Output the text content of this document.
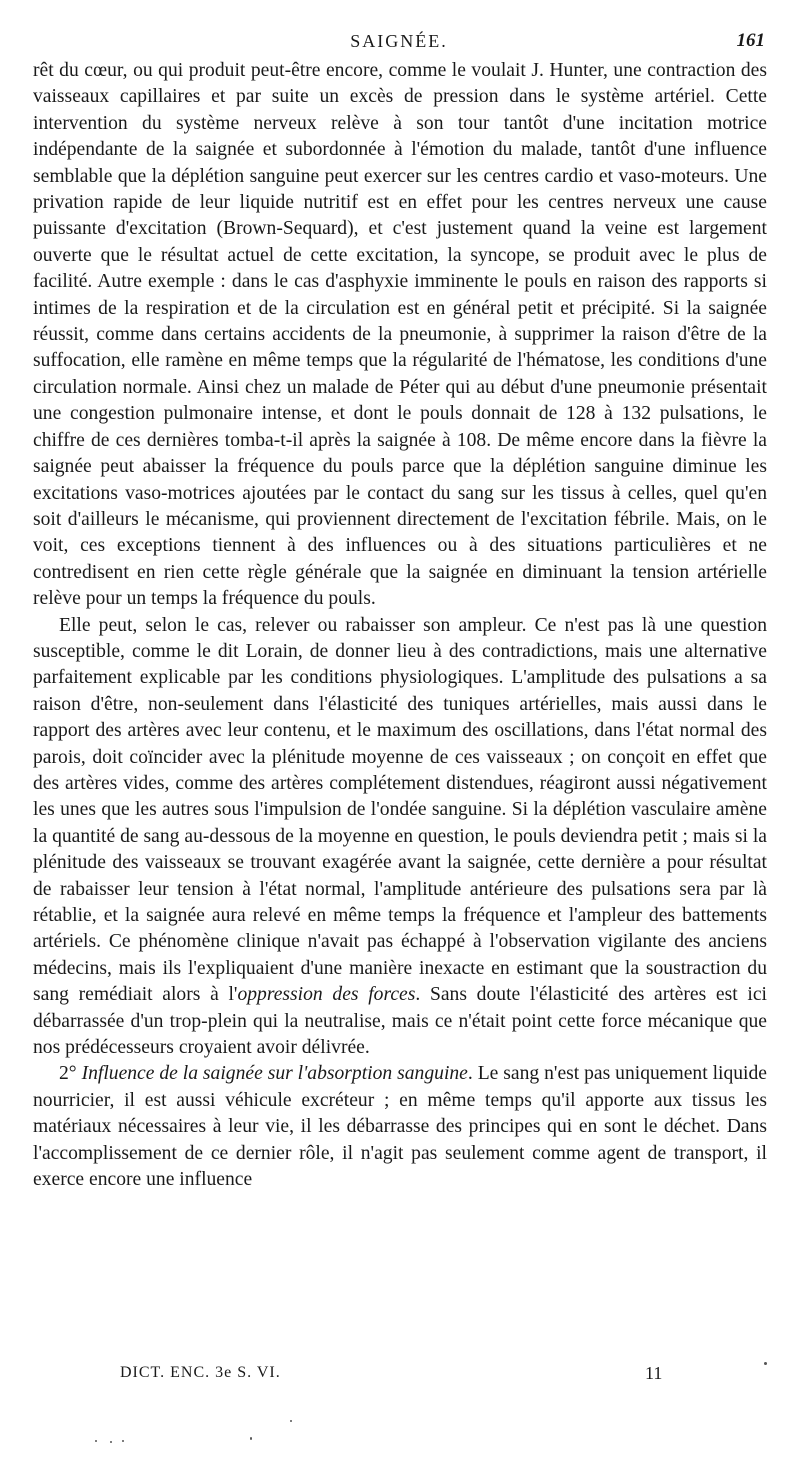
SAIGNÉE.	161

rêt du cœur, ou qui produit peut-être encore, comme le voulait J. Hunter, une contraction des vaisseaux capillaires et par suite un excès de pression dans le système artériel. Cette intervention du système nerveux relève à son tour tantôt d'une incitation motrice indépendante de la saignée et subordonnée à l'émotion du malade, tantôt d'une influence semblable que la déplétion sanguine peut exercer sur les centres cardio et vaso-moteurs. Une privation rapide de leur liquide nutritif est en effet pour les centres nerveux une cause puissante d'excitation (Brown-Sequard), et c'est justement quand la veine est largement ouverte que le résultat actuel de cette excitation, la syncope, se produit avec le plus de facilité. Autre exemple : dans le cas d'asphyxie imminente le pouls en raison des rapports si intimes de la respiration et de la circulation est en général petit et précipité. Si la saignée réussit, comme dans certains accidents de la pneumonie, à supprimer la raison d'être de la suffocation, elle ramène en même temps que la régularité de l'hématose, les conditions d'une circulation normale. Ainsi chez un malade de Péter qui au début d'une pneumonie présentait une congestion pulmonaire intense, et dont le pouls donnait de 128 à 132 pulsations, le chiffre de ces dernières tomba-t-il après la saignée à 108. De même encore dans la fièvre la saignée peut abaisser la fréquence du pouls parce que la déplétion sanguine diminue les excitations vaso-motrices ajoutées par le contact du sang sur les tissus à celles, quel qu'en soit d'ailleurs le mécanisme, qui proviennent directement de l'excitation fébrile. Mais, on le voit, ces exceptions tiennent à des influences ou à des situations particulières et ne contredisent en rien cette règle générale que la saignée en diminuant la tension artérielle relève pour un temps la fréquence du pouls.

Elle peut, selon le cas, relever ou rabaisser son ampleur. Ce n'est pas là une question susceptible, comme le dit Lorain, de donner lieu à des contradictions, mais une alternative parfaitement explicable par les conditions physiologiques. L'amplitude des pulsations a sa raison d'être, non-seulement dans l'élasticité des tuniques artérielles, mais aussi dans le rapport des artères avec leur contenu, et le maximum des oscillations, dans l'état normal des parois, doit coïncider avec la plénitude moyenne de ces vaisseaux ; on conçoit en effet que des artères vides, comme des artères complétement distendues, réagiront aussi négativement les unes que les autres sous l'impulsion de l'ondée sanguine. Si la déplétion vasculaire amène la quantité de sang au-dessous de la moyenne en question, le pouls deviendra petit ; mais si la plénitude des vaisseaux se trouvant exagérée avant la saignée, cette dernière a pour résultat de rabaisser leur tension à l'état normal, l'amplitude antérieure des pulsations sera par là rétablie, et la saignée aura relevé en même temps la fréquence et l'ampleur des battements artériels. Ce phénomène clinique n'avait pas échappé à l'observation vigilante des anciens médecins, mais ils l'expliquaient d'une manière inexacte en estimant que la soustraction du sang remédiait alors à l'oppression des forces. Sans doute l'élasticité des artères est ici débarrassée d'un trop-plein qui la neutralise, mais ce n'était point cette force mécanique que nos prédécesseurs croyaient avoir délivrée.

2° Influence de la saignée sur l'absorption sanguine. Le sang n'est pas uniquement liquide nourricier, il est aussi véhicule excréteur ; en même temps qu'il apporte aux tissus les matériaux nécessaires à leur vie, il les débarrasse des principes qui en sont le déchet. Dans l'accomplissement de ce dernier rôle, il n'agit pas seulement comme agent de transport, il exerce encore une influence

DICT. ENC. 3e S. VI.	11
